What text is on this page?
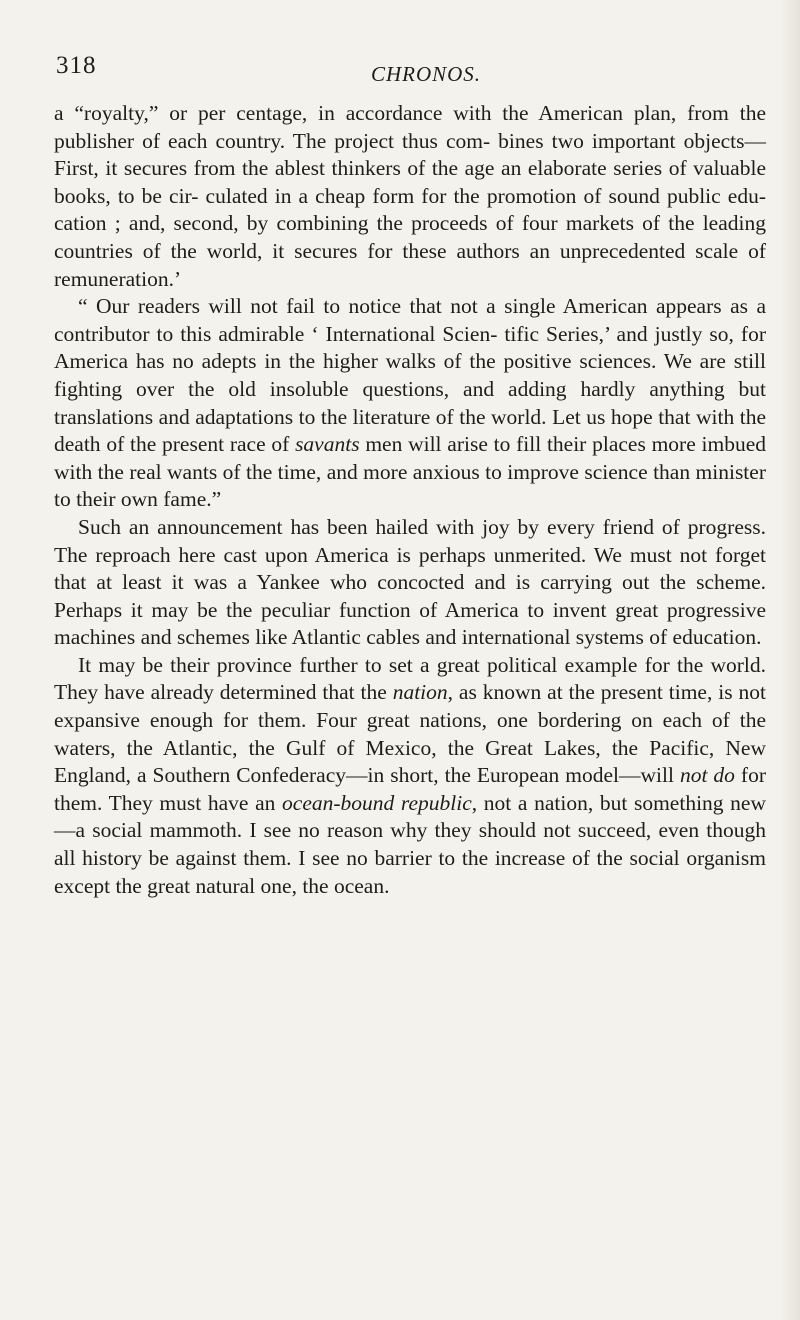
318	CHRONOS.

a “royalty,” or per centage, in accordance with the American plan, from the publisher of each country. The project thus com- bines two important objects—First, it secures from the ablest thinkers of the age an elaborate series of valuable books, to be cir- culated in a cheap form for the promotion of sound public edu- cation ; and, second, by combining the proceeds of four markets of the leading countries of the world, it secures for these authors an unprecedented scale of remuneration.’

“ Our readers will not fail to notice that not a single American appears as a contributor to this admirable ‘ International Scien- tific Series,’ and justly so, for America has no adepts in the higher walks of the positive sciences. We are still fighting over the old insoluble questions, and adding hardly anything but translations and adaptations to the literature of the world. Let us hope that with the death of the present race of savants men will arise to fill their places more imbued with the real wants of the time, and more anxious to improve science than minister to their own fame.”

Such an announcement has been hailed with joy by every friend of progress. The reproach here cast upon America is perhaps unmerited. We must not forget that at least it was a Yankee who concocted and is carrying out the scheme. Perhaps it may be the peculiar function of America to invent great progressive machines and schemes like Atlantic cables and international systems of education.

It may be their province further to set a great political example for the world. They have already determined that the nation, as known at the present time, is not expansive enough for them. Four great nations, one bordering on each of the waters, the Atlantic, the Gulf of Mexico, the Great Lakes, the Pacific, New England, a Southern Confederacy—in short, the European model—will not do for them. They must have an ocean-bound republic, not a nation, but something new —a social mammoth. I see no reason why they should not succeed, even though all history be against them. I see no barrier to the increase of the social organism except the great natural one, the ocean.
